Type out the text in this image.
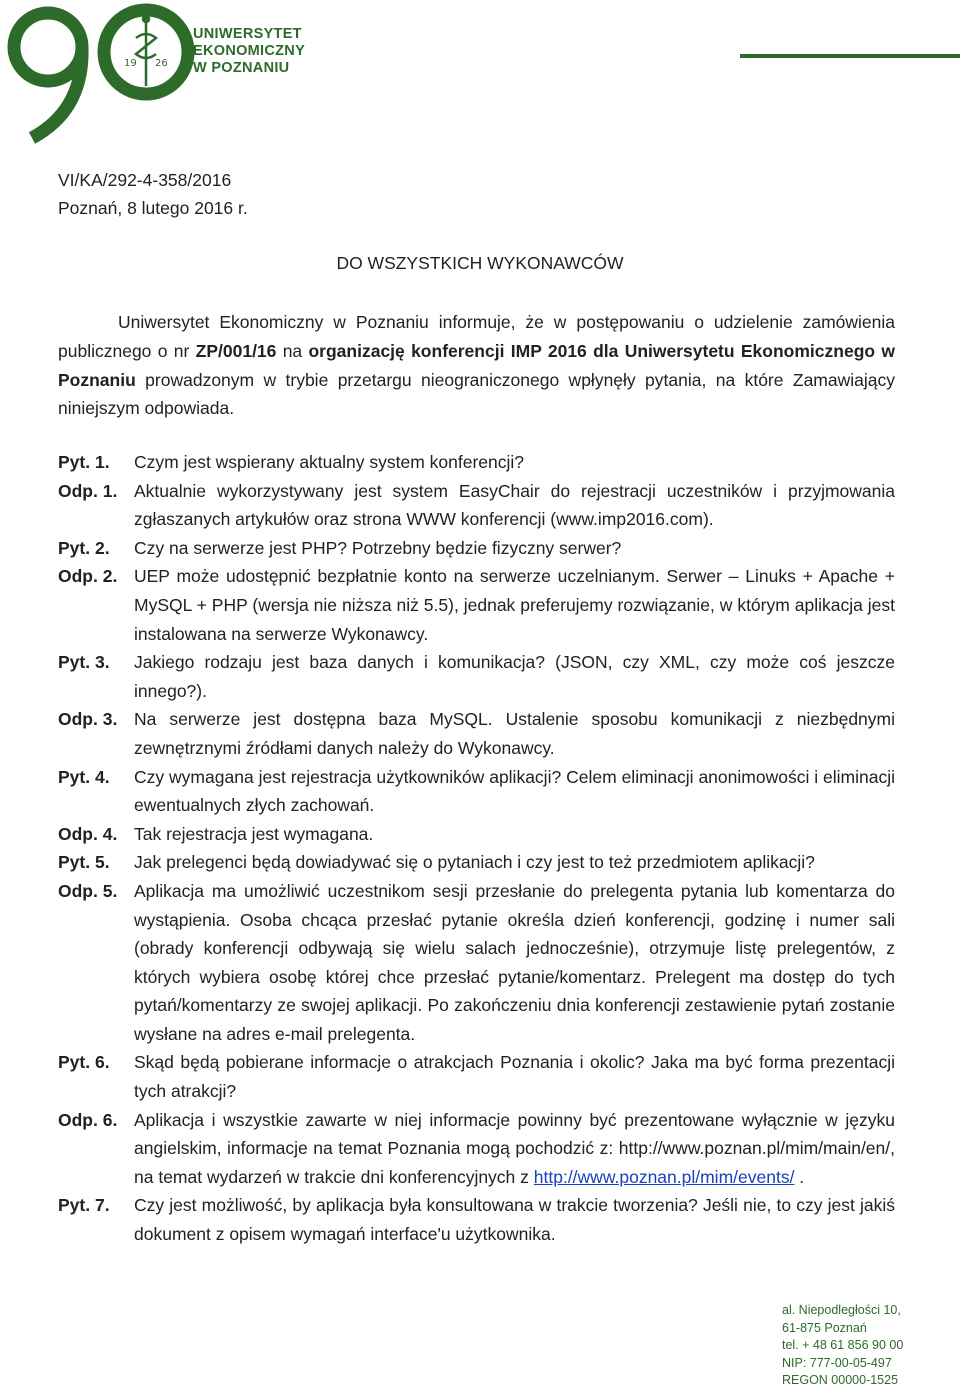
19 26
UNIWERSYTET
EKONOMICZNY
W POZNANIU
VI/KA/292-4-358/2016
Poznań, 8 lutego 2016 r.
DO WSZYSTKICH WYKONAWCÓW
Uniwersytet Ekonomiczny w Poznaniu informuje, że w postępowaniu o udzielenie zamówienia publicznego o nr ZP/001/16 na organizację konferencji IMP 2016 dla Uniwersytetu Ekonomicznego w Poznaniu prowadzonym w trybie przetargu nieograniczonego wpłynęły pytania, na które Zamawiający niniejszym odpowiada.
Pyt. 1.	Czym jest wspierany aktualny system konferencji?
Odp. 1. Aktualnie wykorzystywany jest system EasyChair do rejestracji uczestników i przyjmowania zgłaszanych artykułów oraz strona WWW konferencji (www.imp2016.com).
Pyt. 2.	Czy na serwerze jest PHP? Potrzebny będzie fizyczny serwer?
Odp. 2. UEP może udostępnić bezpłatnie konto na serwerze uczelnianym. Serwer – Linuks + Apache + MySQL + PHP (wersja nie niższa niż 5.5), jednak preferujemy rozwiązanie, w którym aplikacja jest instalowana na serwerze Wykonawcy.
Pyt. 3.	Jakiego rodzaju jest baza danych i komunikacja? (JSON, czy XML, czy może coś jeszcze innego?).
Odp. 3. Na serwerze jest dostępna baza MySQL. Ustalenie sposobu komunikacji z niezbędnymi zewnętrznymi źródłami danych należy do Wykonawcy.
Pyt. 4.	Czy wymagana jest rejestracja użytkowników aplikacji? Celem eliminacji anonimowości i eliminacji ewentualnych złych zachowań.
Odp. 4. Tak rejestracja jest wymagana.
Pyt. 5.	Jak prelegenci będą dowiadywać się o pytaniach i czy jest to też przedmiotem aplikacji?
Odp. 5. Aplikacja ma umożliwić uczestnikom sesji przesłanie do prelegenta pytania lub komentarza do wystąpienia. Osoba chcąca przesłać pytanie określa dzień konferencji, godzinę i numer sali (obrady konferencji odbywają się wielu salach jednocześnie), otrzymuje listę prelegentów, z których wybiera osobę której chce przesłać pytanie/komentarz. Prelegent ma dostęp do tych pytań/komentarzy ze swojej aplikacji. Po zakończeniu dnia konferencji zestawienie pytań zostanie wysłane na adres e-mail prelegenta.
Pyt. 6.	Skąd będą pobierane informacje o atrakcjach Poznania i okolic? Jaka ma być forma prezentacji tych atrakcji?
Odp. 6. Aplikacja i wszystkie zawarte w niej informacje powinny być prezentowane wyłącznie w języku angielskim, informacje na temat Poznania mogą pochodzić z: http://www.poznan.pl/mim/main/en/, na temat wydarzeń w trakcie dni konferencyjnych z http://www.poznan.pl/mim/events/ .
Pyt. 7.	Czy jest możliwość, by aplikacja była konsultowana w trakcie tworzenia? Jeśli nie, to czy jest jakiś dokument z opisem wymagań interface'u użytkownika.
al. Niepodległości 10,
61-875 Poznań
tel. + 48 61 856 90 00
NIP: 777-00-05-497
REGON 00000-1525
